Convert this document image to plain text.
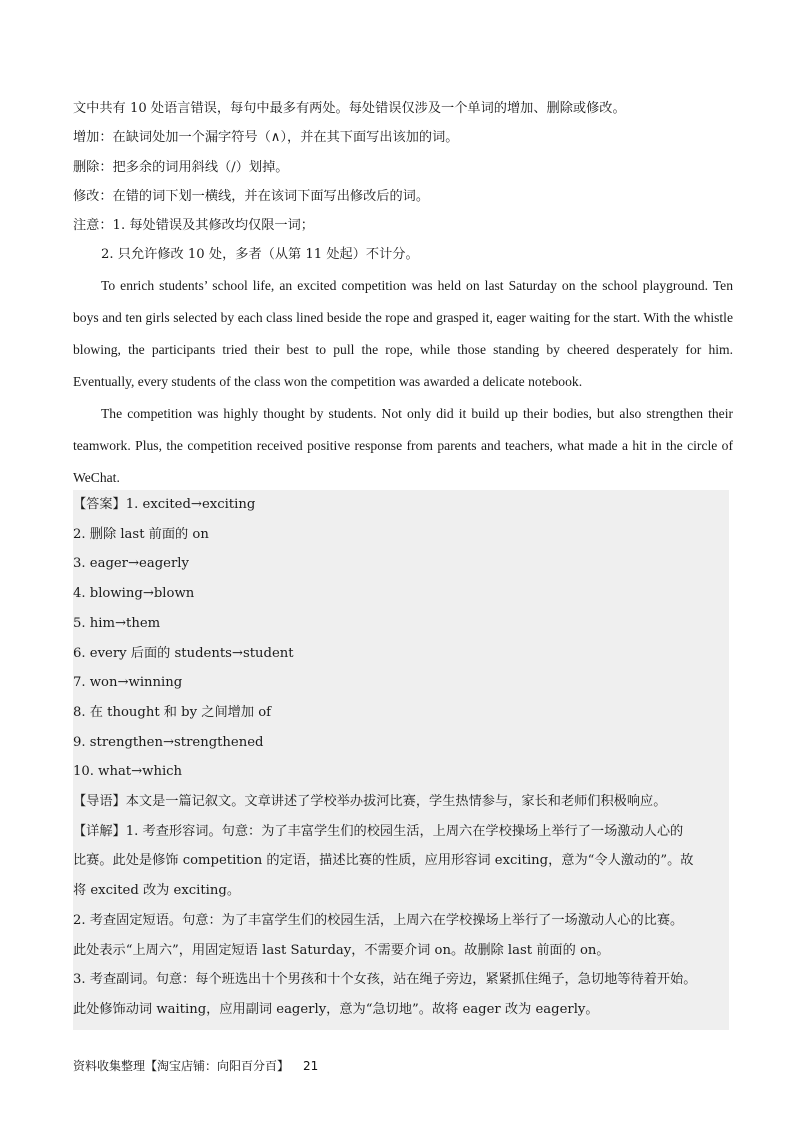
文中共有 10 处语言错误，每句中最多有两处。每处错误仅涉及一个单词的增加、删除或修改。
增加：在缺词处加一个漏字符号（∧），并在其下面写出该加的词。
删除：把多余的词用斜线（/）划掉。
修改：在错的词下划一横线，并在该词下面写出修改后的词。
注意：1. 每处错误及其修改均仅限一词；
2. 只允许修改 10 处，多者（从第 11 处起）不计分。

To enrich students’ school life, an excited competition was held on last Saturday on the school playground. Ten boys and ten girls selected by each class lined beside the rope and grasped it, eager waiting for the start. With the whistle blowing, the participants tried their best to pull the rope, while those standing by cheered desperately for him. Eventually, every students of the class won the competition was awarded a delicate notebook.

The competition was highly thought by students. Not only did it build up their bodies, but also strengthen their teamwork. Plus, the competition received positive response from parents and teachers, what made a hit in the circle of WeChat.

【答案】1. excited→exciting
2. 删除 last 前面的 on
3. eager→eagerly
4. blowing→blown
5. him→them
6. every 后面的 students→student
7. won→winning
8. 在 thought 和 by 之间增加 of
9. strengthen→strengthened
10. what→which
【导语】本文是一篇记叙文。文章讲述了学校举办拔河比赛，学生热情参与，家长和老师们积极响应。
【详解】1. 考查形容词。句意：为了丰富学生们的校园生活，上周六在学校操场上举行了一场激动人心的
比赛。此处是修饰 competition 的定语，描述比赛的性质，应用形容词 exciting，意为“令人激动的”。故
将 excited 改为 exciting。
2. 考查固定短语。句意：为了丰富学生们的校园生活，上周六在学校操场上举行了一场激动人心的比赛。
此处表示“上周六”，用固定短语 last Saturday，不需要介词 on。故删除 last 前面的 on。
3. 考查副词。句意：每个班选出十个男孩和十个女孩，站在绳子旁边，紧紧抓住绳子，急切地等待着开始。
此处修饰动词 waiting，应用副词 eagerly，意为“急切地”。故将 eager 改为 eagerly。
资料收集整理【淘宝店铺：向阳百分百】 21
